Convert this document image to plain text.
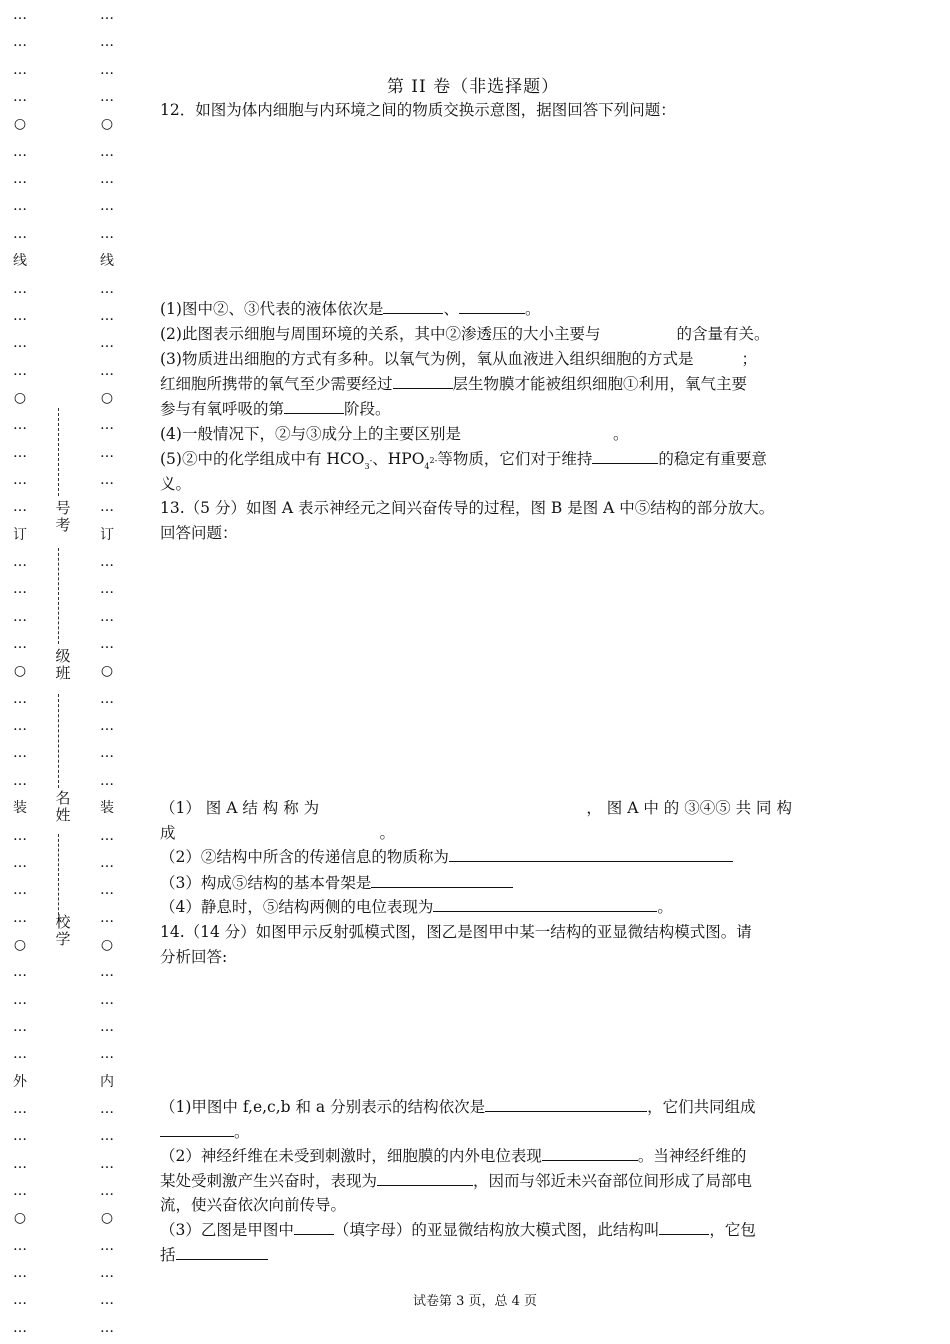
…
…
…
…
○
…
…
…
…
线
…
…
…
…
○
…
…
…
…
订
…
…
…
…
○
…
…
…
…
装
…
…
…
…
○
…
…
…
…
外
…
…
…
…
○
…
…
…
…
…
…
…
…
○
…
…
…
…
线
…
…
…
…
○
…
…
…
…
订
…
…
…
…
○
…
…
…
…
装
…
…
…
…
○
…
…
…
…
内
…
…
…
…
○
…
…
…
…
号考
级班
名姓
校学
第 II 卷（非选择题）
12．如图为体内细胞与内环境之间的物质交换示意图，据图回答下列问题：
(1)图中②、③代表的液体依次是	、	。
(2)此图表示细胞与周围环境的关系，其中②渗透压的大小主要与	的含量有关。
(3)物质进出细胞的方式有多种。以氧气为例，氧从血液进入组织细胞的方式是	；
红细胞所携带的氧气至少需要经过	层生物膜才能被组织细胞①利用，氧气主要
参与有氧呼吸的第	阶段。
(4)一般情况下，②与③成分上的主要区别是	。
(5)②中的化学组成中有 $HCO_3-$、$HPO_42-$等物质，它们对于维持	的稳定有重要意
义。
13.（5 分）如图 A 表示神经元之间兴奋传导的过程，图 B 是图 A 中⑤结构的部分放大。
回答问题：
（1） 图 A 结 构 称 为	， 图 A 中 的 ③④⑤ 共 同 构
成	。
（2）②结构中所含的传递信息的物质称为
（3）构成⑤结构的基本骨架是
（4）静息时，⑤结构两侧的电位表现为	。
14.（14 分）如图甲示反射弧模式图，图乙是图甲中某一结构的亚显微结构模式图。请
分析回答:
（1)甲图中 f,e,c,b 和 a 分别表示的结构依次是	，它们共同组成
。
（2）神经纤维在未受到刺激时，细胞膜的内外电位表现	。当神经纤维的
某处受刺激产生兴奋时，表现为	，因而与邻近未兴奋部位间形成了局部电
流，使兴奋依次向前传导。
（3）乙图是甲图中	（填字母）的亚显微结构放大模式图，此结构叫	，它包
括
试卷第 3 页，总 4 页
